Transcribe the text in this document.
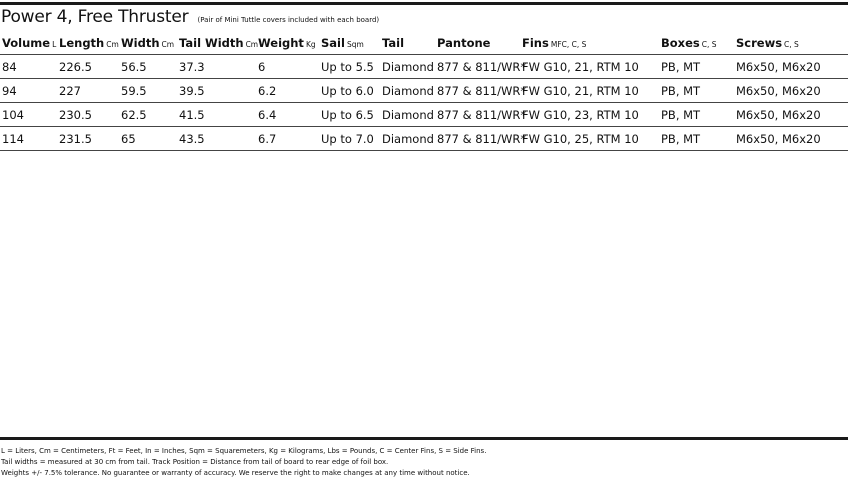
Power 4, Free Thruster (Pair of Mini Tuttle covers included with each board)
Volume L	Length Cm	Width Cm	Tail Width Cm	Weight Kg	Sail Sqm	Tail	Pantone	Fins MFC, C, S	Boxes C, S	Screws C, S
84	226.5	56.5	37.3	6	Up to 5.5	Diamond	877 & 811/WR*	FW G10, 21, RTM 10	PB, MT	M6x50, M6x20
94	227	59.5	39.5	6.2	Up to 6.0	Diamond	877 & 811/WR*	FW G10, 21, RTM 10	PB, MT	M6x50, M6x20
104	230.5	62.5	41.5	6.4	Up to 6.5	Diamond	877 & 811/WR*	FW G10, 23, RTM 10	PB, MT	M6x50, M6x20
114	231.5	65	43.5	6.7	Up to 7.0	Diamond	877 & 811/WR*	FW G10, 25, RTM 10	PB, MT	M6x50, M6x20
L = Liters, Cm = Centimeters, Ft = Feet, In = Inches, Sqm = Squaremeters, Kg = Kilograms, Lbs = Pounds, C = Center Fins, S = Side Fins.
Tail widths = measured at 30 cm from tail. Track Position = Distance from tail of board to rear edge of foil box.
Weights +/- 7.5% tolerance. No guarantee or warranty of accuracy. We reserve the right to make changes at any time without notice.
